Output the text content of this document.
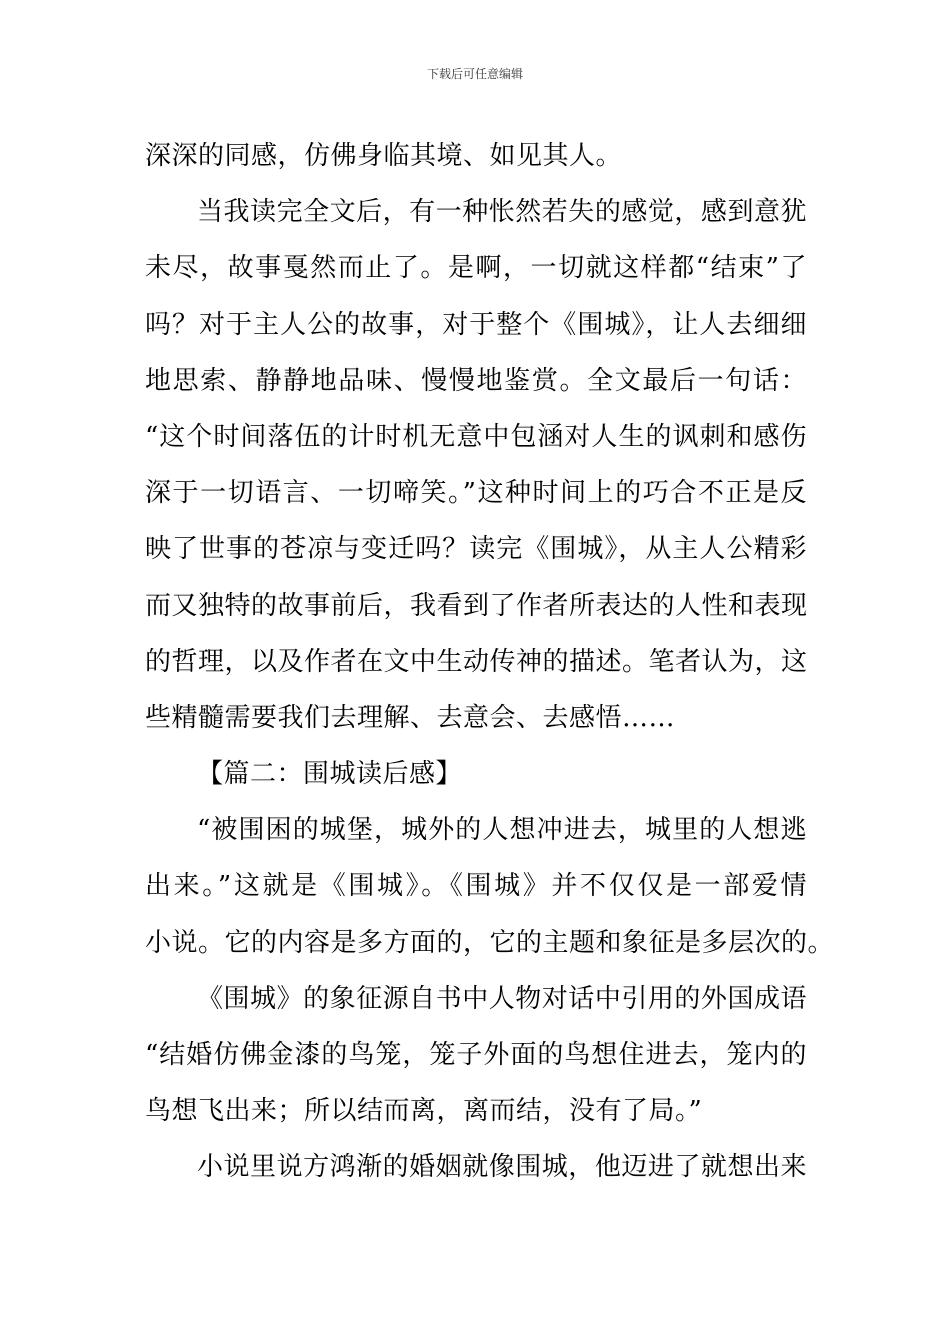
下载后可任意编辑
深深的同感，仿佛身临其境、如见其人。
当我读完全文后，有一种怅然若失的感觉，感到意犹
未尽，故事戛然而止了。是啊，一切就这样都“结束”了
吗？对于主人公的故事，对于整个《围城》，让人去细细
地思索、静静地品味、慢慢地鉴赏。全文最后一句话：
“这个时间落伍的计时机无意中包涵对人生的讽刺和感伤
深于一切语言、一切啼笑。”这种时间上的巧合不正是反
映了世事的苍凉与变迁吗？读完《围城》，从主人公精彩
而又独特的故事前后，我看到了作者所表达的人性和表现
的哲理，以及作者在文中生动传神的描述。笔者认为，这
些精髓需要我们去理解、去意会、去感悟……
【篇二：围城读后感】
“被围困的城堡，城外的人想冲进去，城里的人想逃
出来。”这就是《围城》。《围城》并不仅仅是一部爱情
小说。它的内容是多方面的，它的主题和象征是多层次的。
《围城》的象征源自书中人物对话中引用的外国成语
“结婚仿佛金漆的鸟笼，笼子外面的鸟想住进去，笼内的
鸟想飞出来；所以结而离，离而结，没有了局。”
小说里说方鸿渐的婚姻就像围城，他迈进了就想出来
